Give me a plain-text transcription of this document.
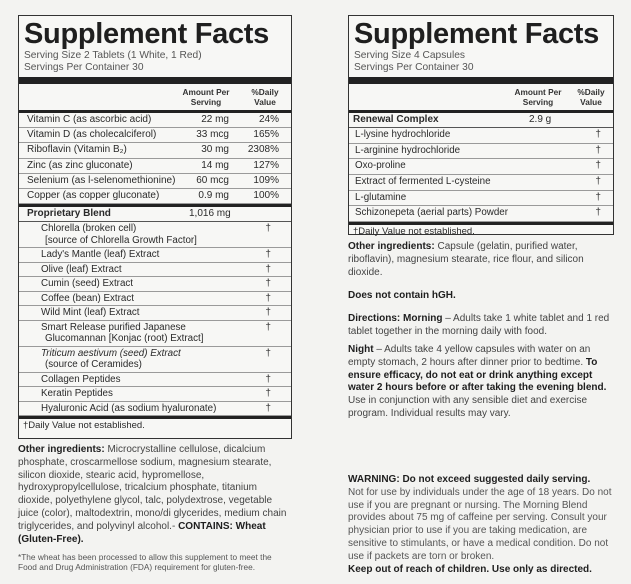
Supplement Facts
Serving Size 2 Tablets (1 White, 1 Red)
Servings Per Container 30
Amount Per
Serving
%Daily
Value
Vitamin C (as ascorbic acid)	22 mg	24%
Vitamin D (as cholecalciferol)	33 mcg 165%
Riboflavin (Vitamin B₂)	30 mg 2308%
Zinc (as zinc gluconate)	14 mg 127%
Selenium (as l-selenomethionine) 60 mcg 109%
Copper (as copper gluconate)	0.9 mg 100%
Proprietary Blend	1,016 mg
Chlorella (broken cell)
[source of Chlorella Growth Factor]
†
Lady's Mantle (leaf) Extract	†
Olive (leaf) Extract	†
Cumin (seed) Extract	†
Coffee (bean) Extract	†
Wild Mint (leaf) Extract	†
Smart Release purified Japanese
Glucomannan [Konjac (root) Extract]
†
Triticum aestivum (seed) Extract
(source of Ceramides)
†
Collagen Peptides	†
Keratin Peptides	†
Hyaluronic Acid (as sodium hyaluronate)	†
†Daily Value not established.
Supplement Facts
Serving Size 4 Capsules
Servings Per Container 30
Amount Per
Serving
%Daily
Value
Renewal Complex	2.9 g
L-lysine hydrochloride	†
L-arginine hydrochloride	†
Oxo-proline	†
Extract of fermented L-cysteine	†
L-glutamine	†
Schizonepeta (aerial parts) Powder	†
†Daily Value not established.
Other ingredients: Microcrystalline cellulose, dicalcium phosphate, croscarmellose sodium, magnesium stearate, silicon dioxide, stearic acid, hypromellose, hydroxypropylcellulose, tricalcium phosphate, titanium dioxide, polyethylene glycol, talc, polydextrose, vegetable juice (color), maltodextrin, mono/di glycerides, medium chain triglycerides, and polyvinyl alcohol.- CONTAINS: Wheat (Gluten-Free).
*The wheat has been processed to allow this supplement to meet the Food and Drug Administration (FDA) requirement for gluten-free.
Other ingredients: Capsule (gelatin, purified water, riboflavin), magnesium stearate, rice flour, and silicon dioxide.
Does not contain hGH.
Directions: Morning – Adults take 1 white tablet and 1 red tablet together in the morning daily with food.
Night – Adults take 4 yellow capsules with water on an empty stomach, 2 hours after dinner prior to bedtime. To ensure efficacy, do not eat or drink anything except water 2 hours before or after taking the evening blend. Use in conjunction with any sensible diet and exercise program. Individual results may vary.
WARNING: Do not exceed suggested daily serving.
Not for use by individuals under the age of 18 years. Do not use if you are pregnant or nursing. The Morning Blend provides about 75 mg of caffeine per serving. Consult your physician prior to use if you are taking medication, are sensitive to stimulants, or have a medical condition. Do not use if packets are torn or broken.
Keep out of reach of children. Use only as directed.
